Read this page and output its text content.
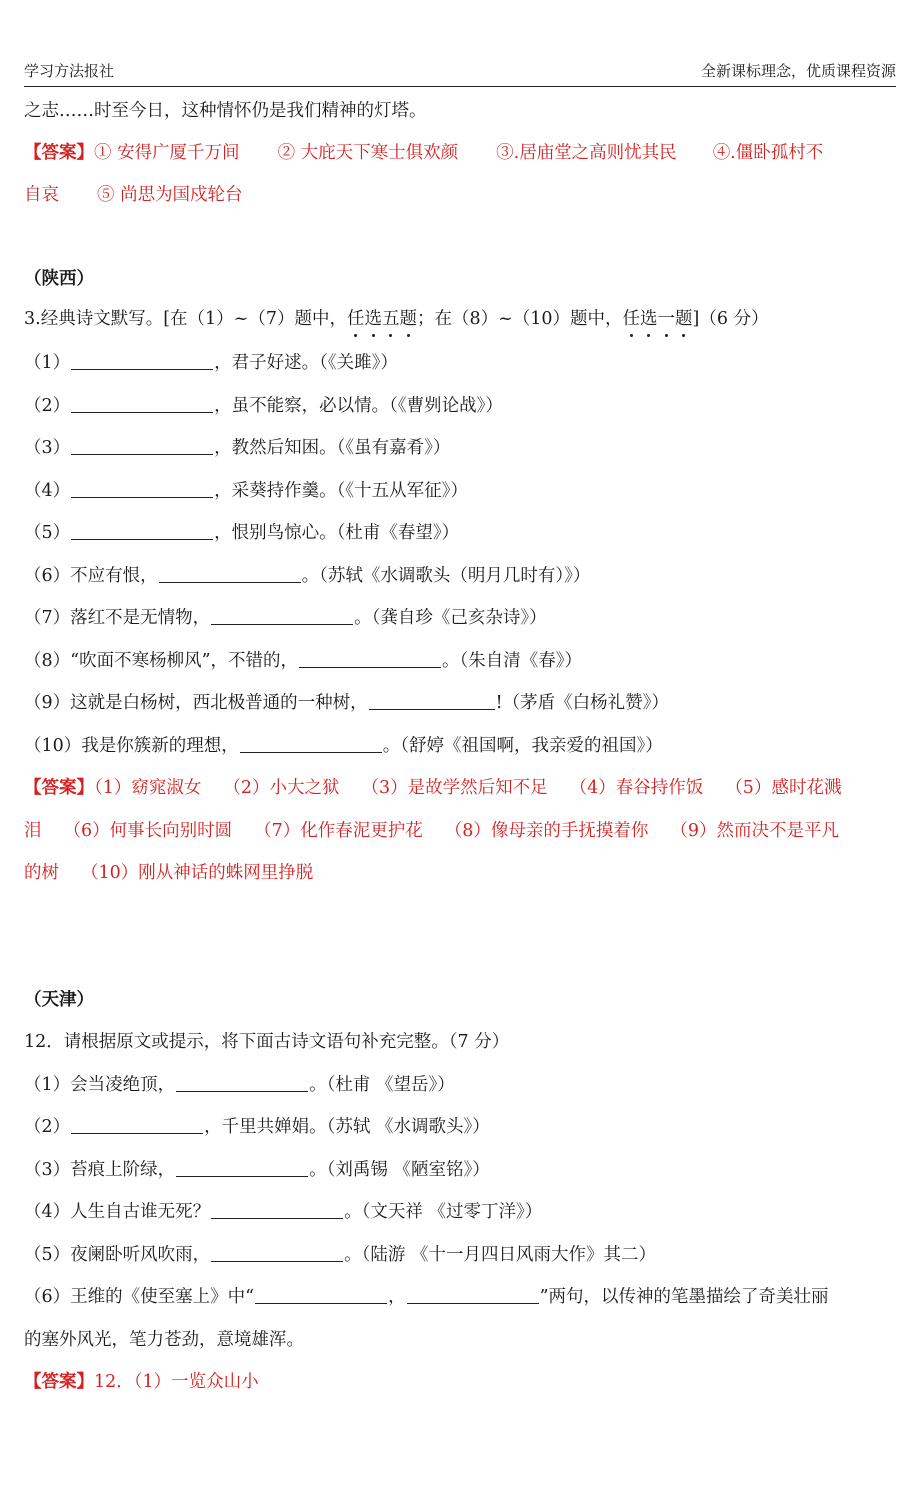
学习方法报社	全新课标理念，优质课程资源
之志……时至今日，这种情怀仍是我们精神的灯塔。
【答案】① 安得广厦千万间 ② 大庇天下寒士俱欢颜 ③.居庙堂之高则忧其民 ④.僵卧孤村不
自哀 ⑤ 尚思为国戍轮台
（陕西）
3.经典诗文默写。[在（1）~（7）题中，任选五题；在（8）~（10）题中，任选一题]（6 分）
（1）	，君子好逑。（《关雎》）
（2）	，虽不能察，必以情。（《曹刿论战》）
（3）	，教然后知困。（《虽有嘉肴》）
（4）	，采葵持作羹。（《十五从军征》）
（5）	，恨别鸟惊心。（杜甫《春望》）
（6）不应有恨，	。（苏轼《水调歌头（明月几时有）》）
（7）落红不是无情物，	。（龚自珍《己亥杂诗》）
（8）“吹面不寒杨柳风”，不错的，	。（朱自清《春》）
（9）这就是白杨树，西北极普通的一种树，	!（茅盾《白杨礼赞》）
（10）我是你簇新的理想，	。（舒婷《祖国啊，我亲爱的祖国》）
【答案】（1）窈窕淑女 （2）小大之狱 （3）是故学然后知不足 （4）春谷持作饭 （5）感时花溅
泪 （6）何事长向别时圆 （7）化作春泥更护花 （8）像母亲的手抚摸着你 （9）然而决不是平凡
的树 （10）刚从神话的蛛网里挣脱
（天津）
12．请根据原文或提示，将下面古诗文语句补充完整。（7 分）
（1）会当凌绝顶，	。（杜甫 《望岳》）
（2）	，千里共婵娟。（苏轼 《水调歌头》）
（3）苔痕上阶绿，	。（刘禹锡 《陋室铭》）
（4）人生自古谁无死？	。（文天祥 《过零丁洋》）
（5）夜阑卧听风吹雨，	。（陆游 《十一月四日风雨大作》其二）
（6）王维的《使至塞上》中“	，	”两句，以传神的笔墨描绘了奇美壮丽
的塞外风光，笔力苍劲，意境雄浑。
【答案】12．（1）一览众山小
